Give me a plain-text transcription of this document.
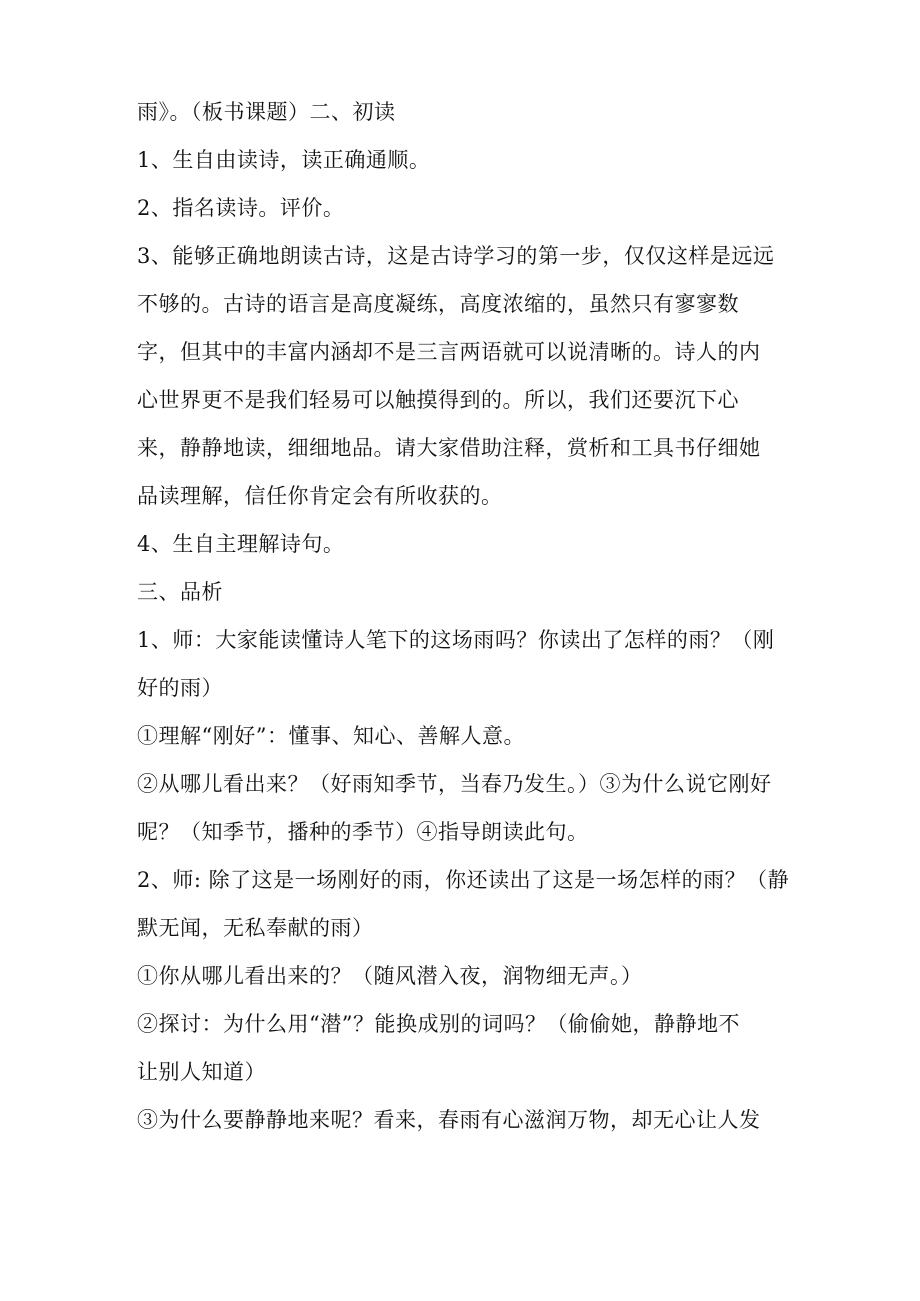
雨》。（板书课题）二、初读
1、生自由读诗，读正确通顺。
2、指名读诗。评价。
3、能够正确地朗读古诗，这是古诗学习的第一步，仅仅这样是远远
不够的。古诗的语言是高度凝练，高度浓缩的，虽然只有寥寥数
字，但其中的丰富内涵却不是三言两语就可以说清晰的。诗人的内
心世界更不是我们轻易可以触摸得到的。所以，我们还要沉下心
来，静静地读，细细地品。请大家借助注释，赏析和工具书仔细她
品读理解，信任你肯定会有所收获的。
4、生自主理解诗句。
三、品析
1、师：大家能读懂诗人笔下的这场雨吗？你读出了怎样的雨？（刚
好的雨）
①理解“刚好”：懂事、知心、善解人意。
②从哪儿看出来？（好雨知季节，当春乃发生。）③为什么说它刚好
呢？（知季节，播种的季节）④指导朗读此句。
2、师: 除了这是一场刚好的雨，你还读出了这是一场怎样的雨？（静
默无闻，无私奉献的雨）
①你从哪儿看出来的？（随风潜入夜，润物细无声。）
②探讨：为什么用“潜”？能换成别的词吗？（偷偷她，静静地不
让别人知道）
③为什么要静静地来呢？看来，春雨有心滋润万物，却无心让人发
